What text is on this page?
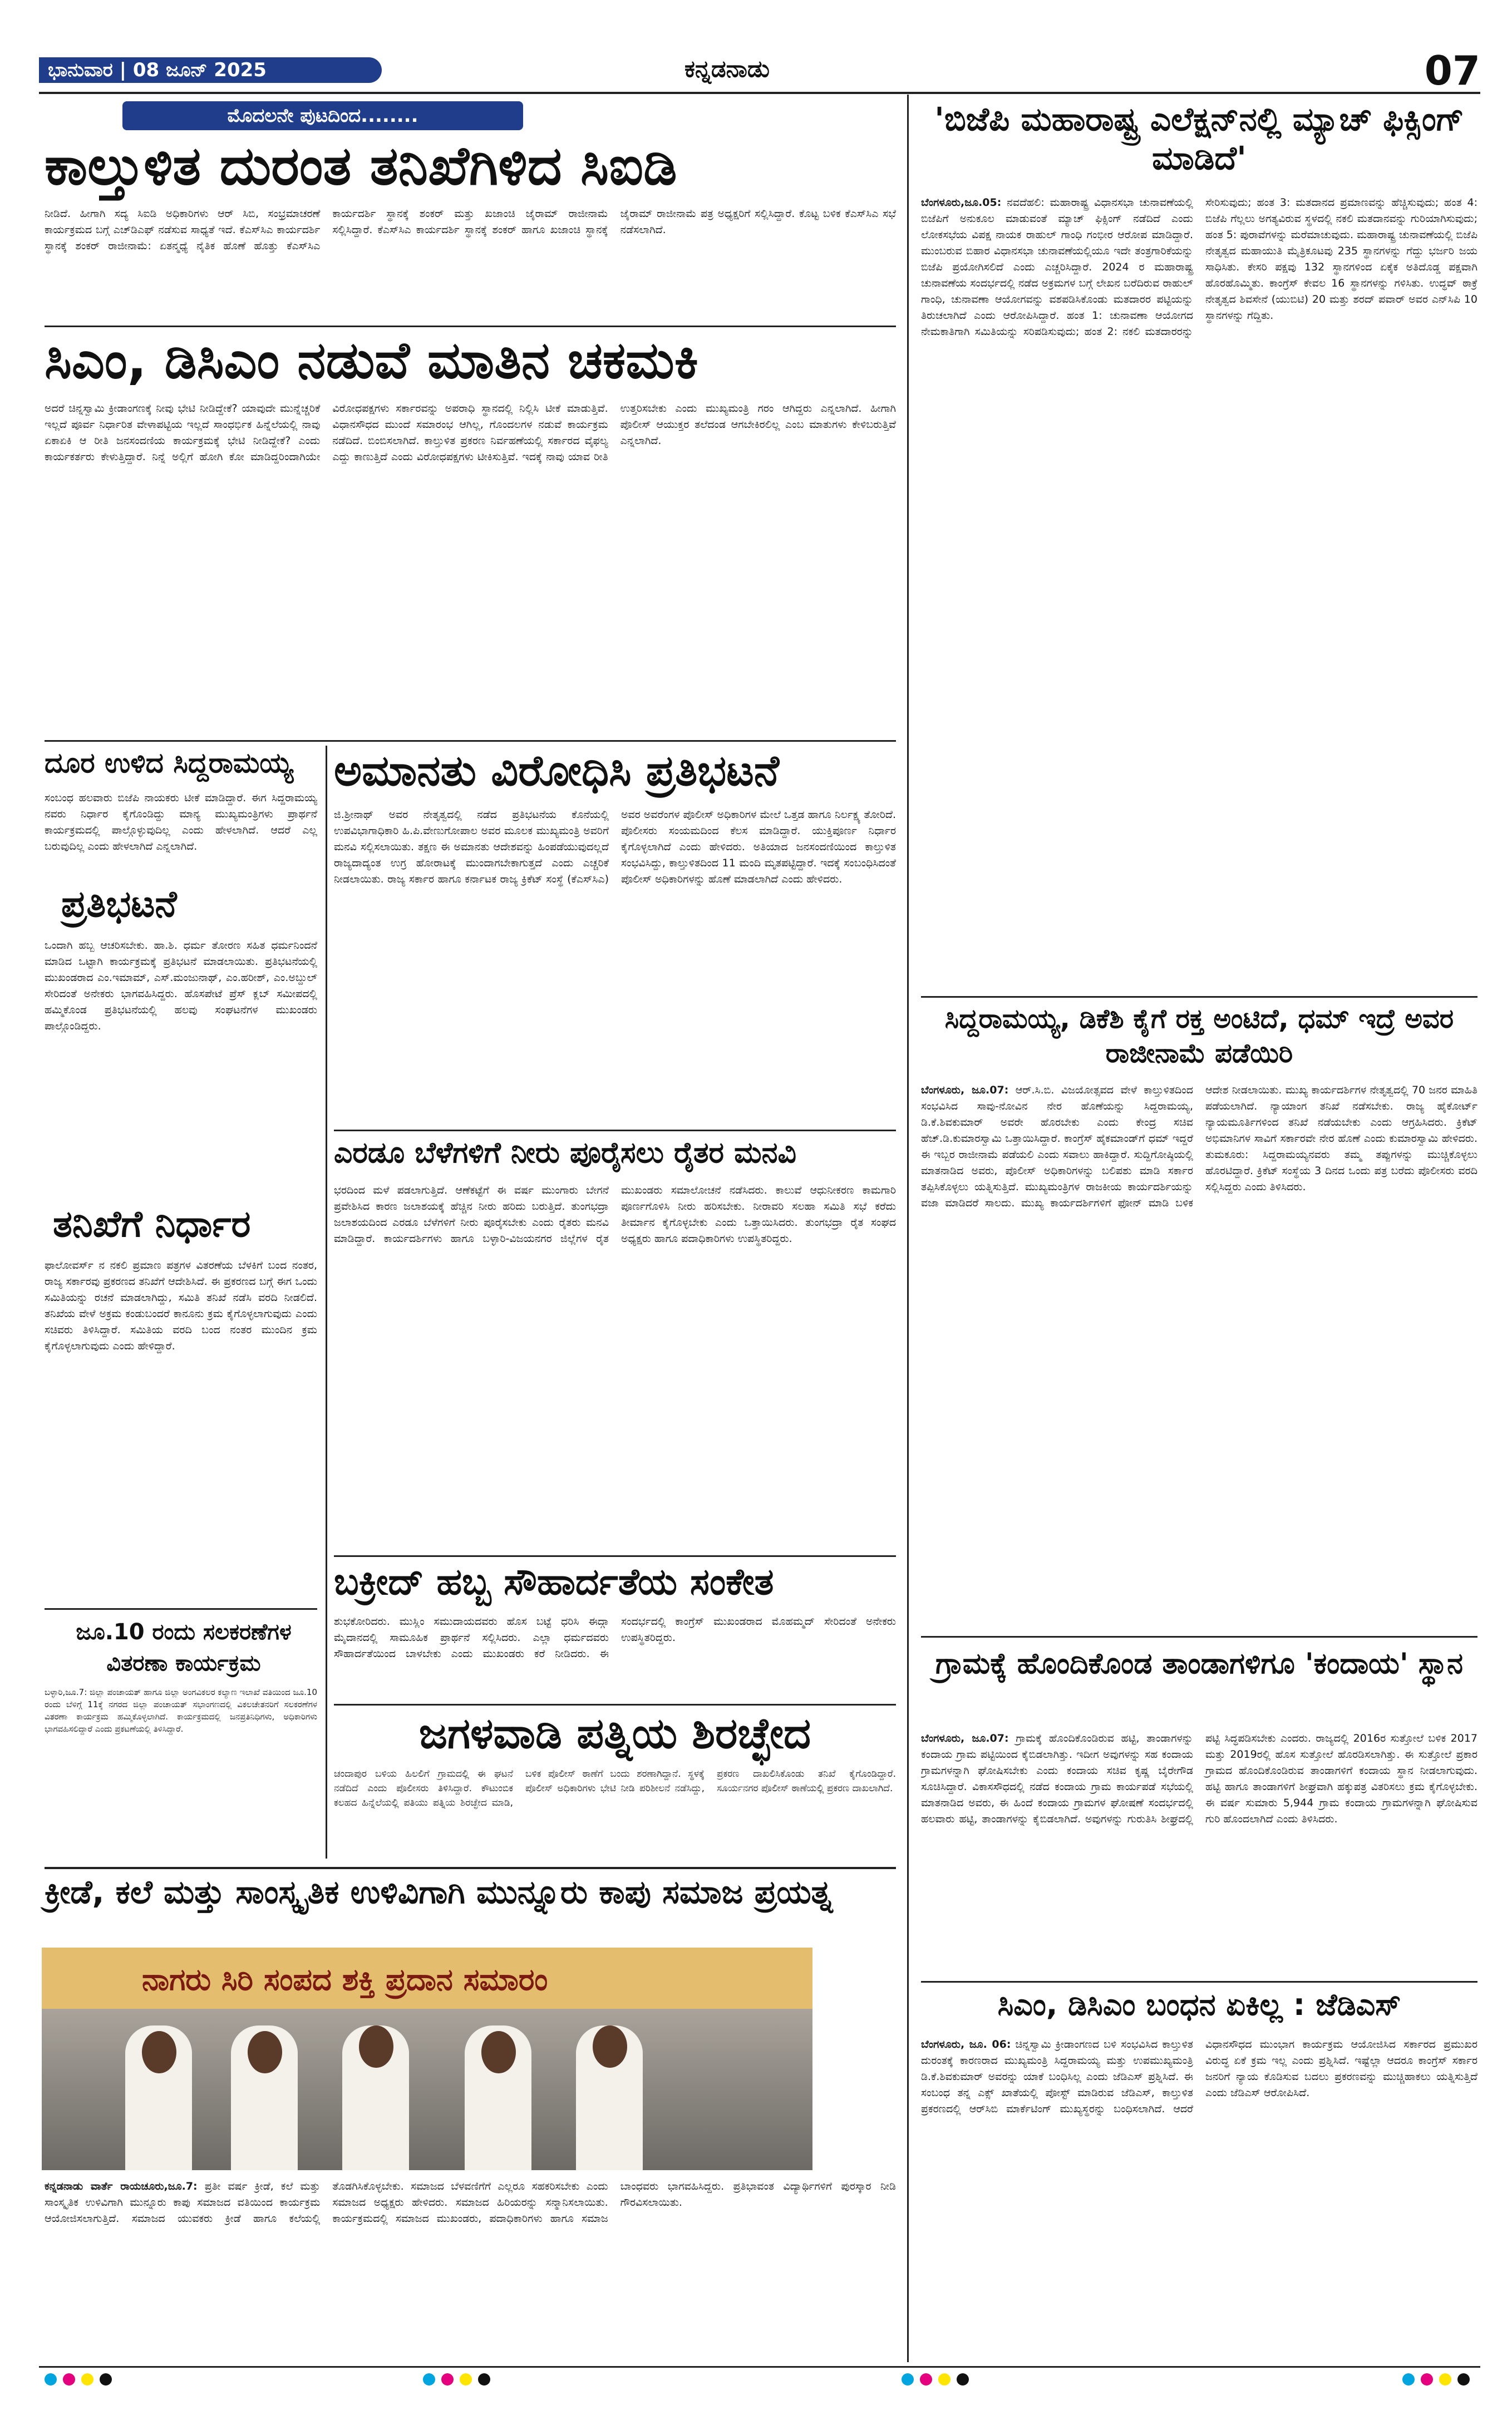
ಭಾನುವಾರ | 08 ಜೂನ್ 2025	ಕನ್ನಡನಾಡು	07
ಮೊದಲನೇ ಪುಟದಿಂದ........
ಕಾಲ್ತುಳಿತ ದುರಂತ ತನಿಖೆಗಿಳಿದ ಸಿಐಡಿ

ನೀಡಿದೆ. ಹೀಗಾಗಿ ಸದ್ಯ ಸಿಐಡಿ ಅಧಿಕಾರಿಗಳು ಆರ್ ಸಿಬಿ, ಸಂಭ್ರಮಾಚರಣೆ ಕಾರ್ಯಕ್ರಮದ ಬಗ್ಗೆ ಎಚ್‌ಡಿಎಫ್‌ ನಡೆಸುವ ಸಾಧ್ಯತೆ ಇದೆ. ಕೆಎಸ್‌ಸಿಎ ಕಾರ್ಯದರ್ಶಿ ಸ್ಥಾನಕ್ಕೆ ಶಂಕರ್ ರಾಜೀನಾಮೆ: ಏತನ್ಮಧ್ಯೆ ನೈತಿಕ ಹೊಣೆ ಹೊತ್ತು ಕೆಎಸ್‌ಸಿಎ ಕಾರ್ಯದರ್ಶಿ ಸ್ಥಾನಕ್ಕೆ ಶಂಕರ್ ಮತ್ತು ಖಜಾಂಚಿ ಜೈರಾಮ್ ರಾಜೀನಾಮೆ ಸಲ್ಲಿಸಿದ್ದಾರೆ. ಕೆಎಸ್‌ಸಿಎ ಕಾರ್ಯದರ್ಶಿ ಸ್ಥಾನಕ್ಕೆ ಶಂಕರ್ ಹಾಗೂ ಖಜಾಂಚಿ ಸ್ಥಾನಕ್ಕೆ ಜೈರಾಮ್ ರಾಜೀನಾಮೆ ಪತ್ರ ಅಧ್ಯಕ್ಷರಿಗೆ ಸಲ್ಲಿಸಿದ್ದಾರೆ. ಕೊಟ್ಟ ಬಳಿಕ ಕೆಎಸ್‌ಸಿಎ ಸಭೆ ನಡೆಸಲಾಗಿದೆ.

ಸಿಎಂ, ಡಿಸಿಎಂ ನಡುವೆ ಮಾತಿನ ಚಕಮಕಿ

ಅದರೆ ಚಿನ್ನಸ್ವಾಮಿ ಕ್ರೀಡಾಂಗಣಕ್ಕೆ ನೀವು ಭೇಟಿ ನೀಡಿದ್ದೇಕೆ? ಯಾವುದೇ ಮುನ್ನೆಚ್ಚರಿಕೆ ಇಲ್ಲದೆ ಪೂರ್ವ ನಿರ್ಧಾರಿತ ವೇಳಾಪಟ್ಟಿಯ ಇಲ್ಲದೆ ಸಾಂಧರ್ಭಿಕ ಹಿನ್ನೆಲೆಯಲ್ಲಿ ನಾವು ಏಕಾಏಕಿ ಆ ರೀತಿ ಜನಸಂದಣಿಯ ಕಾರ್ಯಕ್ರಮಕ್ಕೆ ಭೇಟಿ ನೀಡಿದ್ದೇಕೆ? ಎಂದು ಕಾರ್ಯಕರ್ತರು ಕೇಳುತ್ತಿದ್ದಾರೆ. ನಿನ್ನೆ ಅಲ್ಲಿಗೆ ಹೋಗಿ ಕೋ ಮಾಡಿದ್ದರಿಂದಾಗಿಯೇ ವಿರೋಧಪಕ್ಷಗಳು ಸರ್ಕಾರವನ್ನು ಅಪರಾಧಿ ಸ್ಥಾನದಲ್ಲಿ ನಿಲ್ಲಿಸಿ ಟೀಕೆ ಮಾಡುತ್ತಿವೆ. ವಿಧಾನಸೌಧದ ಮುಂದೆ ಸಮಾರಂಭ ಆಗಿಲ್ಲ, ಗೊಂದಲಗಳ ನಡುವೆ ಕಾರ್ಯಕ್ರಮ ನಡೆದಿದೆ. ಬಿಂಬಿಸಲಾಗಿದೆ. ಕಾಲ್ತುಳಿತ ಪ್ರಕರಣ ನಿರ್ವಹಣೆಯಲ್ಲಿ ಸರ್ಕಾರದ ವೈಫಲ್ಯ ಎದ್ದು ಕಾಣುತ್ತಿದೆ ಎಂದು ವಿರೋಧಪಕ್ಷಗಳು ಟೀಕಿಸುತ್ತಿವೆ. ಇದಕ್ಕೆ ನಾವು ಯಾವ ರೀತಿ ಉತ್ತರಿಸಬೇಕು ಎಂದು ಮುಖ್ಯಮಂತ್ರಿ ಗರಂ ಆಗಿದ್ದರು ಎನ್ನಲಾಗಿದೆ. ಹೀಗಾಗಿ ಪೊಲೀಸ್ ಆಯುಕ್ತರ ತಲೆದಂಡ ಆಗಬೇಕಿರಲಿಲ್ಲ ಎಂಬ ಮಾತುಗಳು ಕೇಳಿಬರುತ್ತಿವೆ ಎನ್ನಲಾಗಿದೆ.

ದೂರ ಉಳಿದ ಸಿದ್ದರಾಮಯ್ಯ

ಸಂಬಂಧ ಹಲವಾರು ಬಿಜೆಪಿ ನಾಯಕರು ಟೀಕೆ ಮಾಡಿದ್ದಾರೆ. ಈಗ ಸಿದ್ದರಾಮಯ್ಯ ನವರು ನಿರ್ಧಾರ ಕೈಗೊಂಡಿದ್ದು ಮಾನ್ಯ ಮುಖ್ಯಮಂತ್ರಿಗಳು ಪ್ರಾರ್ಥನೆ ಕಾರ್ಯಕ್ರಮದಲ್ಲಿ ಪಾಲ್ಗೊಳ್ಳುವುದಿಲ್ಲ ಎಂದು ಹೇಳಲಾಗಿದೆ. ಆದರೆ ಎಲ್ಲ ಬರುವುದಿಲ್ಲ ಎಂದು ಹೇಳಲಾಗಿದೆ ಎನ್ನಲಾಗಿದೆ.

ಪ್ರತಿಭಟನೆ

ಒಂದಾಗಿ ಹಬ್ಬ ಆಚರಿಸಬೇಕು. ಹಾ.ಶಿ. ಧರ್ಮ ತೋರಣ ಸಹಿತ ಧರ್ಮನಿಂದನೆ ಮಾಡಿದ ಒಟ್ಟಾಗಿ ಕಾರ್ಯಕ್ರಮಕ್ಕೆ ಪ್ರತಿಭಟನೆ ಮಾಡಲಾಯಿತು. ಪ್ರತಿಭಟನೆಯಲ್ಲಿ ಮುಖಂಡರಾದ ಎಂ.ಇಮಾಮ್, ಎಸ್.ಮಂಜುನಾಥ್, ಎಂ.ಹರೀಶ್, ಎಂ.ಅಬ್ದುಲ್ ಸೇರಿದಂತೆ ಅನೇಕರು ಭಾಗವಹಿಸಿದ್ದರು. ಹೊಸಪೇಟೆ ಪ್ರೆಸ್ ಕ್ಲಬ್ ಸಮೀಪದಲ್ಲಿ ಹಮ್ಮಿಕೊಂಡ ಪ್ರತಿಭಟನೆಯಲ್ಲಿ ಹಲವು ಸಂಘಟನೆಗಳ ಮುಖಂಡರು ಪಾಲ್ಗೊಂಡಿದ್ದರು.

ತನಿಖೆಗೆ ನಿರ್ಧಾರ

ಫಾಲೋವರ್ಸ್ ನ ನಕಲಿ ಪ್ರಮಾಣ ಪತ್ರಗಳ ವಿತರಣೆಯ ಬೆಳಕಿಗೆ ಬಂದ ನಂತರ, ರಾಜ್ಯ ಸರ್ಕಾರವು ಪ್ರಕರಣದ ತನಿಖೆಗೆ ಆದೇಶಿಸಿದೆ. ಈ ಪ್ರಕರಣದ ಬಗ್ಗೆ ಈಗ ಒಂದು ಸಮಿತಿಯನ್ನು ರಚನೆ ಮಾಡಲಾಗಿದ್ದು, ಸಮಿತಿ ತನಿಖೆ ನಡೆಸಿ ವರದಿ ನೀಡಲಿದೆ. ತನಿಖೆಯ ವೇಳೆ ಅಕ್ರಮ ಕಂಡುಬಂದರೆ ಕಾನೂನು ಕ್ರಮ ಕೈಗೊಳ್ಳಲಾಗುವುದು ಎಂದು ಸಚಿವರು ತಿಳಿಸಿದ್ದಾರೆ. ಸಮಿತಿಯ ವರದಿ ಬಂದ ನಂತರ ಮುಂದಿನ ಕ್ರಮ ಕೈಗೊಳ್ಳಲಾಗುವುದು ಎಂದು ಹೇಳಿದ್ದಾರೆ.

ಜೂ.10 ರಂದು ಸಲಕರಣೆಗಳ ವಿತರಣಾ ಕಾರ್ಯಕ್ರಮ

ಬಳ್ಳಾರಿ,ಜೂ.7: ಜಿಲ್ಲಾ ಪಂಚಾಯತ್ ಹಾಗೂ ಜಿಲ್ಲಾ ಅಂಗವಿಕಲರ ಕಲ್ಯಾಣ ಇಲಾಖೆ ವತಿಯಿಂದ ಜೂ.10 ರಂದು ಬೆಳಿಗ್ಗೆ 11ಕ್ಕೆ ನಗರದ ಜಿಲ್ಲಾ ಪಂಚಾಯತ್ ಸಭಾಂಗಣದಲ್ಲಿ ವಿಕಲಚೇತನರಿಗೆ ಸಲಕರಣೆಗಳ ವಿತರಣಾ ಕಾರ್ಯಕ್ರಮ ಹಮ್ಮಿಕೊಳ್ಳಲಾಗಿದೆ. ಕಾರ್ಯಕ್ರಮದಲ್ಲಿ ಜನಪ್ರತಿನಿಧಿಗಳು, ಅಧಿಕಾರಿಗಳು ಭಾಗವಹಿಸಲಿದ್ದಾರೆ ಎಂದು ಪ್ರಕಟಣೆಯಲ್ಲಿ ತಿಳಿಸಿದ್ದಾರೆ.

ಅಮಾನತು ವಿರೋಧಿಸಿ ಪ್ರತಿಭಟನೆ

ಜಿ.ಶ್ರೀನಾಥ್ ಅವರ ನೇತೃತ್ವದಲ್ಲಿ ನಡೆದ ಪ್ರತಿಭಟನೆಯ ಕೊನೆಯಲ್ಲಿ ಉಪವಿಭಾಗಾಧಿಕಾರಿ ಹಿ.ಪಿ.ವೇಣುಗೋಪಾಲ ಅವರ ಮೂಲಕ ಮುಖ್ಯಮಂತ್ರಿ ಅವರಿಗೆ ಮನವಿ ಸಲ್ಲಿಸಲಾಯಿತು. ತಕ್ಷಣ ಈ ಅಮಾನತು ಆದೇಶವನ್ನು ಹಿಂಪಡೆಯುವುದಲ್ಲದೆ ರಾಜ್ಯದಾದ್ಯಂತ ಉಗ್ರ ಹೋರಾಟಕ್ಕೆ ಮುಂದಾಗಬೇಕಾಗುತ್ತದೆ ಎಂದು ಎಚ್ಚರಿಕೆ ನೀಡಲಾಯಿತು. ರಾಜ್ಯ ಸರ್ಕಾರ ಹಾಗೂ ಕರ್ನಾಟಕ ರಾಜ್ಯ ಕ್ರಿಕೆಟ್ ಸಂಸ್ಥೆ (ಕೆಎಸ್‌ಸಿಎ) ಅವರ ಅವರೆಂಗಳ ಪೊಲೀಸ್ ಅಧಿಕಾರಿಗಳ ಮೇಲೆ ಒತ್ತಡ ಹಾಗೂ ನಿರ್ಲಕ್ಷ್ಯ ತೋರಿದೆ. ಪೊಲೀಸರು ಸಂಯಮದಿಂದ ಕೆಲಸ ಮಾಡಿದ್ದಾರೆ. ಯುಕ್ತಿಪೂರ್ಣ ನಿರ್ಧಾರ ಕೈಗೊಳ್ಳಲಾಗಿದೆ ಎಂದು ಹೇಳಿದರು. ಅತಿಯಾದ ಜನಸಂದಣಿಯಿಂದ ಕಾಲ್ತುಳಿತ ಸಂಭವಿಸಿದ್ದು, ಕಾಲ್ತುಳಿತದಿಂದ 11 ಮಂದಿ ಮೃತಪಟ್ಟಿದ್ದಾರೆ. ಇದಕ್ಕೆ ಸಂಬಂಧಿಸಿದಂತೆ ಪೊಲೀಸ್ ಅಧಿಕಾರಿಗಳನ್ನು ಹೊಣೆ ಮಾಡಲಾಗಿದೆ ಎಂದು ಹೇಳಿದರು.

ಎರಡೂ ಬೆಳೆಗಳಿಗೆ ನೀರು ಪೂರೈಸಲು ರೈತರ ಮನವಿ

ಭರದಿಂದ ಮಳೆ ಪಡಲಾಗುತ್ತಿದೆ. ಆಣೆಕಟ್ಟೆಗೆ ಈ ವರ್ಷ ಮುಂಗಾರು ಬೇಗನೆ ಪ್ರವೇಶಿಸಿದ ಕಾರಣ ಜಲಾಶಯಕ್ಕೆ ಹೆಚ್ಚಿನ ನೀರು ಹರಿದು ಬರುತ್ತಿದೆ. ತುಂಗಭದ್ರಾ ಜಲಾಶಯದಿಂದ ಎರಡೂ ಬೆಳೆಗಳಿಗೆ ನೀರು ಪೂರೈಸಬೇಕು ಎಂದು ರೈತರು ಮನವಿ ಮಾಡಿದ್ದಾರೆ. ಕಾರ್ಯದರ್ಶಿಗಳು ಹಾಗೂ ಬಳ್ಳಾರಿ-ವಿಜಯನಗರ ಜಿಲ್ಲೆಗಳ ರೈತ ಮುಖಂಡರು ಸಮಾಲೋಚನೆ ನಡೆಸಿದರು. ಕಾಲುವೆ ಆಧುನೀಕರಣ ಕಾಮಗಾರಿ ಪೂರ್ಣಗೊಳಿಸಿ ನೀರು ಹರಿಸಬೇಕು. ನೀರಾವರಿ ಸಲಹಾ ಸಮಿತಿ ಸಭೆ ಕರೆದು ತೀರ್ಮಾನ ಕೈಗೊಳ್ಳಬೇಕು ಎಂದು ಒತ್ತಾಯಿಸಿದರು. ತುಂಗಭದ್ರಾ ರೈತ ಸಂಘದ ಅಧ್ಯಕ್ಷರು ಹಾಗೂ ಪದಾಧಿಕಾರಿಗಳು ಉಪಸ್ಥಿತರಿದ್ದರು.

ಬಕ್ರೀದ್ ಹಬ್ಬ ಸೌಹಾರ್ದತೆಯ ಸಂಕೇತ

ಶುಭಕೋರಿದರು. ಮುಸ್ಲಿಂ ಸಮುದಾಯದವರು ಹೊಸ ಬಟ್ಟೆ ಧರಿಸಿ ಈದ್ಗಾ ಮೈದಾನದಲ್ಲಿ ಸಾಮೂಹಿಕ ಪ್ರಾರ್ಥನೆ ಸಲ್ಲಿಸಿದರು. ಎಲ್ಲಾ ಧರ್ಮದವರು ಸೌಹಾರ್ದತೆಯಿಂದ ಬಾಳಬೇಕು ಎಂದು ಮುಖಂಡರು ಕರೆ ನೀಡಿದರು. ಈ ಸಂದರ್ಭದಲ್ಲಿ ಕಾಂಗ್ರೆಸ್ ಮುಖಂಡರಾದ ಮೊಹಮ್ಮದ್ ಸೇರಿದಂತೆ ಅನೇಕರು ಉಪಸ್ಥಿತರಿದ್ದರು.

ಜಗಳವಾಡಿ ಪತ್ನಿಯ ಶಿರಚ್ಛೇದ

ಚಂದಾಪುರ ಬಳಿಯ ಹಿಲಲಿಗೆ ಗ್ರಾಮದಲ್ಲಿ ಈ ಘಟನೆ ನಡೆದಿದೆ ಎಂದು ಪೊಲೀಸರು ತಿಳಿಸಿದ್ದಾರೆ. ಕೌಟುಂಬಿಕ ಕಲಹದ ಹಿನ್ನೆಲೆಯಲ್ಲಿ ಪತಿಯು ಪತ್ನಿಯ ಶಿರಚ್ಛೇದ ಮಾಡಿ, ಬಳಿಕ ಪೊಲೀಸ್ ಠಾಣೆಗೆ ಬಂದು ಶರಣಾಗಿದ್ದಾನೆ. ಸ್ಥಳಕ್ಕೆ ಪೊಲೀಸ್ ಅಧಿಕಾರಿಗಳು ಭೇಟಿ ನೀಡಿ ಪರಿಶೀಲನೆ ನಡೆಸಿದ್ದು, ಪ್ರಕರಣ ದಾಖಲಿಸಿಕೊಂಡು ತನಿಖೆ ಕೈಗೊಂಡಿದ್ದಾರೆ. ಸೂರ್ಯನಗರ ಪೊಲೀಸ್ ಠಾಣೆಯಲ್ಲಿ ಪ್ರಕರಣ ದಾಖಲಾಗಿದೆ.

ಕ್ರೀಡೆ, ಕಲೆ ಮತ್ತು ಸಾಂಸ್ಕೃತಿಕ ಉಳಿವಿಗಾಗಿ ಮುನ್ನೂರು ಕಾಪು ಸಮಾಜ ಪ್ರಯತ್ನ
ನಾಗರು ಸಿರಿ ಸಂಪದ ಶಕ್ತಿ ಪ್ರದಾನ ಸಮಾರಂ

ಕನ್ನಡನಾಡು ವಾರ್ತೆ ರಾಯಚೂರು,ಜೂ.7: ಪ್ರತೀ ವರ್ಷ ಕ್ರೀಡೆ, ಕಲೆ ಮತ್ತು ಸಾಂಸ್ಕೃತಿಕ ಉಳಿವಿಗಾಗಿ ಮುನ್ನೂರು ಕಾಪು ಸಮಾಜದ ವತಿಯಿಂದ ಕಾರ್ಯಕ್ರಮ ಆಯೋಜಿಸಲಾಗುತ್ತಿದೆ. ಸಮಾಜದ ಯುವಕರು ಕ್ರೀಡೆ ಹಾಗೂ ಕಲೆಯಲ್ಲಿ ತೊಡಗಿಸಿಕೊಳ್ಳಬೇಕು. ಸಮಾಜದ ಬೆಳವಣಿಗೆಗೆ ಎಲ್ಲರೂ ಸಹಕರಿಸಬೇಕು ಎಂದು ಸಮಾಜದ ಅಧ್ಯಕ್ಷರು ಹೇಳಿದರು. ಸಮಾಜದ ಹಿರಿಯರನ್ನು ಸನ್ಮಾನಿಸಲಾಯಿತು. ಕಾರ್ಯಕ್ರಮದಲ್ಲಿ ಸಮಾಜದ ಮುಖಂಡರು, ಪದಾಧಿಕಾರಿಗಳು ಹಾಗೂ ಸಮಾಜ ಬಾಂಧವರು ಭಾಗವಹಿಸಿದ್ದರು. ಪ್ರತಿಭಾವಂತ ವಿದ್ಯಾರ್ಥಿಗಳಿಗೆ ಪುರಸ್ಕಾರ ನೀಡಿ ಗೌರವಿಸಲಾಯಿತು.

'ಬಿಜೆಪಿ ಮಹಾರಾಷ್ಟ್ರ ಎಲೆಕ್ಷನ್‌ನಲ್ಲಿ ಮ್ಯಾಚ್ ಫಿಕ್ಸಿಂಗ್ ಮಾಡಿದೆ'

ಬೆಂಗಳೂರು,ಜೂ.05: ನವದೆಹಲಿ: ಮಹಾರಾಷ್ಟ್ರ ವಿಧಾನಸಭಾ ಚುನಾವಣೆಯಲ್ಲಿ ಬಿಜೆಪಿಗೆ ಅನುಕೂಲ ಮಾಡುವಂತೆ ಮ್ಯಾಚ್ ಫಿಕ್ಸಿಂಗ್ ನಡೆದಿದೆ ಎಂದು ಲೋಕಸಭೆಯ ವಿಪಕ್ಷ ನಾಯಕ ರಾಹುಲ್ ಗಾಂಧಿ ಗಂಭೀರ ಆರೋಪ ಮಾಡಿದ್ದಾರೆ. ಮುಂಬರುವ ಬಿಹಾರ ವಿಧಾನಸಭಾ ಚುನಾವಣೆಯಲ್ಲಿಯೂ ಇದೇ ತಂತ್ರಗಾರಿಕೆಯನ್ನು ಬಿಜೆಪಿ ಪ್ರಯೋಗಿಸಲಿದೆ ಎಂದು ಎಚ್ಚರಿಸಿದ್ದಾರೆ. 2024 ರ ಮಹಾರಾಷ್ಟ್ರ ಚುನಾವಣೆಯ ಸಂದರ್ಭದಲ್ಲಿ ನಡೆದ ಅಕ್ರಮಗಳ ಬಗ್ಗೆ ಲೇಖನ ಬರೆದಿರುವ ರಾಹುಲ್ ಗಾಂಧಿ, ಚುನಾವಣಾ ಆಯೋಗವನ್ನು ವಶಪಡಿಸಿಕೊಂಡು ಮತದಾರರ ಪಟ್ಟಿಯನ್ನು ತಿರುಚಲಾಗಿದೆ ಎಂದು ಆರೋಪಿಸಿದ್ದಾರೆ. ಹಂತ 1: ಚುನಾವಣಾ ಆಯೋಗದ ನೇಮಕಾತಿಗಾಗಿ ಸಮಿತಿಯನ್ನು ಸರಿಪಡಿಸುವುದು; ಹಂತ 2: ನಕಲಿ ಮತದಾರರನ್ನು ಸೇರಿಸುವುದು; ಹಂತ 3: ಮತದಾನದ ಪ್ರಮಾಣವನ್ನು ಹೆಚ್ಚಿಸುವುದು; ಹಂತ 4: ಬಿಜೆಪಿ ಗೆಲ್ಲಲು ಅಗತ್ಯವಿರುವ ಸ್ಥಳದಲ್ಲಿ ನಕಲಿ ಮತದಾನವನ್ನು ಗುರಿಯಾಗಿಸುವುದು; ಹಂತ 5: ಪುರಾವೆಗಳನ್ನು ಮರೆಮಾಚುವುದು. ಮಹಾರಾಷ್ಟ್ರ ಚುನಾವಣೆಯಲ್ಲಿ ಬಿಜೆಪಿ ನೇತೃತ್ವದ ಮಹಾಯುತಿ ಮೈತ್ರಿಕೂಟವು 235 ಸ್ಥಾನಗಳನ್ನು ಗೆದ್ದು ಭರ್ಜರಿ ಜಯ ಸಾಧಿಸಿತು. ಕೇಸರಿ ಪಕ್ಷವು 132 ಸ್ಥಾನಗಳಿಂದ ಏಕೈಕ ಅತಿದೊಡ್ಡ ಪಕ್ಷವಾಗಿ ಹೊರಹೊಮ್ಮಿತು. ಕಾಂಗ್ರೆಸ್ ಕೇವಲ 16 ಸ್ಥಾನಗಳನ್ನು ಗಳಿಸಿತು. ಉದ್ಧವ್ ಠಾಕ್ರೆ ನೇತೃತ್ವದ ಶಿವಸೇನೆ (ಯುಬಿಟಿ) 20 ಮತ್ತು ಶರದ್ ಪವಾರ್ ಅವರ ಎನ್‌ಸಿಪಿ 10 ಸ್ಥಾನಗಳನ್ನು ಗೆದ್ದಿತು.

ಸಿದ್ದರಾಮಯ್ಯ, ಡಿಕೆಶಿ ಕೈಗೆ ರಕ್ತ ಅಂಟಿದೆ, ಧಮ್ ಇದ್ರೆ ಅವರ ರಾಜೀನಾಮೆ ಪಡೆಯಿರಿ

ಬೆಂಗಳೂರು, ಜೂ.07: ಆರ್.ಸಿ.ಬಿ. ವಿಜಯೋತ್ಸವದ ವೇಳೆ ಕಾಲ್ತುಳಿತದಿಂದ ಸಂಭವಿಸಿದ ಸಾವು-ನೋವಿನ ನೇರ ಹೊಣೆಯನ್ನು ಸಿದ್ದರಾಮಯ್ಯ, ಡಿ.ಕೆ.ಶಿವಕುಮಾರ್ ಅವರೇ ಹೊರಬೇಕು ಎಂದು ಕೇಂದ್ರ ಸಚಿವ ಹೆಚ್.ಡಿ.ಕುಮಾರಸ್ವಾಮಿ ಒತ್ತಾಯಿಸಿದ್ದಾರೆ. ಕಾಂಗ್ರೆಸ್ ಹೈಕಮಾಂಡ್‌ಗೆ ಧಮ್ ಇದ್ದರೆ ಈ ಇಬ್ಬರ ರಾಜೀನಾಮೆ ಪಡೆಯಲಿ ಎಂದು ಸವಾಲು ಹಾಕಿದ್ದಾರೆ. ಸುದ್ದಿಗೋಷ್ಠಿಯಲ್ಲಿ ಮಾತನಾಡಿದ ಅವರು, ಪೊಲೀಸ್ ಅಧಿಕಾರಿಗಳನ್ನು ಬಲಿಪಶು ಮಾಡಿ ಸರ್ಕಾರ ತಪ್ಪಿಸಿಕೊಳ್ಳಲು ಯತ್ನಿಸುತ್ತಿದೆ. ಮುಖ್ಯಮಂತ್ರಿಗಳ ರಾಜಕೀಯ ಕಾರ್ಯದರ್ಶಿಯನ್ನು ವಜಾ ಮಾಡಿದರೆ ಸಾಲದು. ಮುಖ್ಯ ಕಾರ್ಯದರ್ಶಿಗಳಿಗೆ ಫೋನ್ ಮಾಡಿ ಬಳಿಕ ಆದೇಶ ನೀಡಲಾಯಿತು. ಮುಖ್ಯ ಕಾರ್ಯದರ್ಶಿಗಳ ನೇತೃತ್ವದಲ್ಲಿ 70 ಜನರ ಮಾಹಿತಿ ಪಡೆಯಲಾಗಿದೆ. ನ್ಯಾಯಾಂಗ ತನಿಖೆ ನಡೆಸಬೇಕು. ರಾಜ್ಯ ಹೈಕೋರ್ಟ್ ನ್ಯಾಯಮೂರ್ತಿಗಳಿಂದ ತನಿಖೆ ನಡೆಯಬೇಕು ಎಂದು ಆಗ್ರಹಿಸಿದರು. ಕ್ರಿಕೆಟ್ ಅಭಿಮಾನಿಗಳ ಸಾವಿಗೆ ಸರ್ಕಾರವೇ ನೇರ ಹೊಣೆ ಎಂದು ಕುಮಾರಸ್ವಾಮಿ ಹೇಳಿದರು. ತುಮಕೂರು: ಸಿದ್ದರಾಮಯ್ಯನವರು ತಮ್ಮ ತಪ್ಪುಗಳನ್ನು ಮುಚ್ಚಿಕೊಳ್ಳಲು ಹೊರಟಿದ್ದಾರೆ. ಕ್ರಿಕೆಟ್ ಸಂಸ್ಥೆಯ 3 ದಿನದ ಒಂದು ಪತ್ರ ಬರೆದು ಪೊಲೀಸರು ವರದಿ ಸಲ್ಲಿಸಿದ್ದರು ಎಂದು ತಿಳಿಸಿದರು.

ಗ್ರಾಮಕ್ಕೆ ಹೊಂದಿಕೊಂಡ ತಾಂಡಾಗಳಿಗೂ 'ಕಂದಾಯ' ಸ್ಥಾನ

ಬೆಂಗಳೂರು, ಜೂ.07: ಗ್ರಾಮಕ್ಕೆ ಹೊಂದಿಕೊಂಡಿರುವ ಹಟ್ಟಿ, ತಾಂಡಾಗಳನ್ನು ಕಂದಾಯ ಗ್ರಾಮ ಪಟ್ಟಿಯಿಂದ ಕೈಬಿಡಲಾಗಿತ್ತು. ಇದೀಗ ಅವುಗಳನ್ನು ಸಹ ಕಂದಾಯ ಗ್ರಾಮಗಳನ್ನಾಗಿ ಘೋಷಿಸಬೇಕು ಎಂದು ಕಂದಾಯ ಸಚಿವ ಕೃಷ್ಣ ಬೈರೇಗೌಡ ಸೂಚಿಸಿದ್ದಾರೆ. ವಿಕಾಸಸೌಧದಲ್ಲಿ ನಡೆದ ಕಂದಾಯ ಗ್ರಾಮ ಕಾರ್ಯಪಡೆ ಸಭೆಯಲ್ಲಿ ಮಾತನಾಡಿದ ಅವರು, ಈ ಹಿಂದೆ ಕಂದಾಯ ಗ್ರಾಮಗಳ ಘೋಷಣೆ ಸಂದರ್ಭದಲ್ಲಿ ಹಲವಾರು ಹಟ್ಟಿ, ತಾಂಡಾಗಳನ್ನು ಕೈಬಿಡಲಾಗಿದೆ. ಅವುಗಳನ್ನು ಗುರುತಿಸಿ ಶೀಘ್ರದಲ್ಲಿ ಪಟ್ಟಿ ಸಿದ್ಧಪಡಿಸಬೇಕು ಎಂದರು. ರಾಜ್ಯದಲ್ಲಿ 2016ರ ಸುತ್ತೋಲೆ ಬಳಿಕ 2017 ಮತ್ತು 2019ರಲ್ಲಿ ಹೊಸ ಸುತ್ತೋಲೆ ಹೊರಡಿಸಲಾಗಿತ್ತು. ಈ ಸುತ್ತೋಲೆ ಪ್ರಕಾರ ಗ್ರಾಮದ ಹೊಂದಿಕೊಂಡಿರುವ ತಾಂಡಾಗಳಿಗೆ ಕಂದಾಯ ಸ್ಥಾನ ನೀಡಲಾಗುವುದು. ಹಟ್ಟಿ ಹಾಗೂ ತಾಂಡಾಗಳಿಗೆ ಶೀಘ್ರವಾಗಿ ಹಕ್ಕುಪತ್ರ ವಿತರಿಸಲು ಕ್ರಮ ಕೈಗೊಳ್ಳಬೇಕು. ಈ ವರ್ಷ ಸುಮಾರು 5,944 ಗ್ರಾಮ ಕಂದಾಯ ಗ್ರಾಮಗಳನ್ನಾಗಿ ಘೋಷಿಸುವ ಗುರಿ ಹೊಂದಲಾಗಿದೆ ಎಂದು ತಿಳಿಸಿದರು.

ಸಿಎಂ, ಡಿಸಿಎಂ ಬಂಧನ ಏಕಿಲ್ಲ : ಜೆಡಿಎಸ್

ಬೆಂಗಳೂರು, ಜೂ. 06: ಚಿನ್ನಸ್ವಾಮಿ ಕ್ರೀಡಾಂಗಣದ ಬಳಿ ಸಂಭವಿಸಿದ ಕಾಲ್ತುಳಿತ ದುರಂತಕ್ಕೆ ಕಾರಣರಾದ ಮುಖ್ಯಮಂತ್ರಿ ಸಿದ್ದರಾಮಯ್ಯ ಮತ್ತು ಉಪಮುಖ್ಯಮಂತ್ರಿ ಡಿ.ಕೆ.ಶಿವಕುಮಾರ್ ಅವರನ್ನು ಯಾಕೆ ಬಂಧಿಸಿಲ್ಲ ಎಂದು ಜೆಡಿಎಸ್ ಪ್ರಶ್ನಿಸಿದೆ. ಈ ಸಂಬಂಧ ತನ್ನ ಎಕ್ಸ್ ಖಾತೆಯಲ್ಲಿ ಪೋಸ್ಟ್ ಮಾಡಿರುವ ಜೆಡಿಎಸ್, ಕಾಲ್ತುಳಿತ ಪ್ರಕರಣದಲ್ಲಿ ಆರ್‌ಸಿಬಿ ಮಾರ್ಕೆಟಿಂಗ್ ಮುಖ್ಯಸ್ಥರನ್ನು ಬಂಧಿಸಲಾಗಿದೆ. ಆದರೆ ವಿಧಾನಸೌಧದ ಮುಂಭಾಗ ಕಾರ್ಯಕ್ರಮ ಆಯೋಜಿಸಿದ ಸರ್ಕಾರದ ಪ್ರಮುಖರ ವಿರುದ್ಧ ಏಕೆ ಕ್ರಮ ಇಲ್ಲ ಎಂದು ಪ್ರಶ್ನಿಸಿದೆ. ಇಷ್ಟೆಲ್ಲಾ ಆದರೂ ಕಾಂಗ್ರೆಸ್ ಸರ್ಕಾರ ಜನರಿಗೆ ನ್ಯಾಯ ಕೊಡಿಸುವ ಬದಲು ಪ್ರಕರಣವನ್ನು ಮುಚ್ಚಿಹಾಕಲು ಯತ್ನಿಸುತ್ತಿದೆ ಎಂದು ಜೆಡಿಎಸ್ ಆರೋಪಿಸಿದೆ.
